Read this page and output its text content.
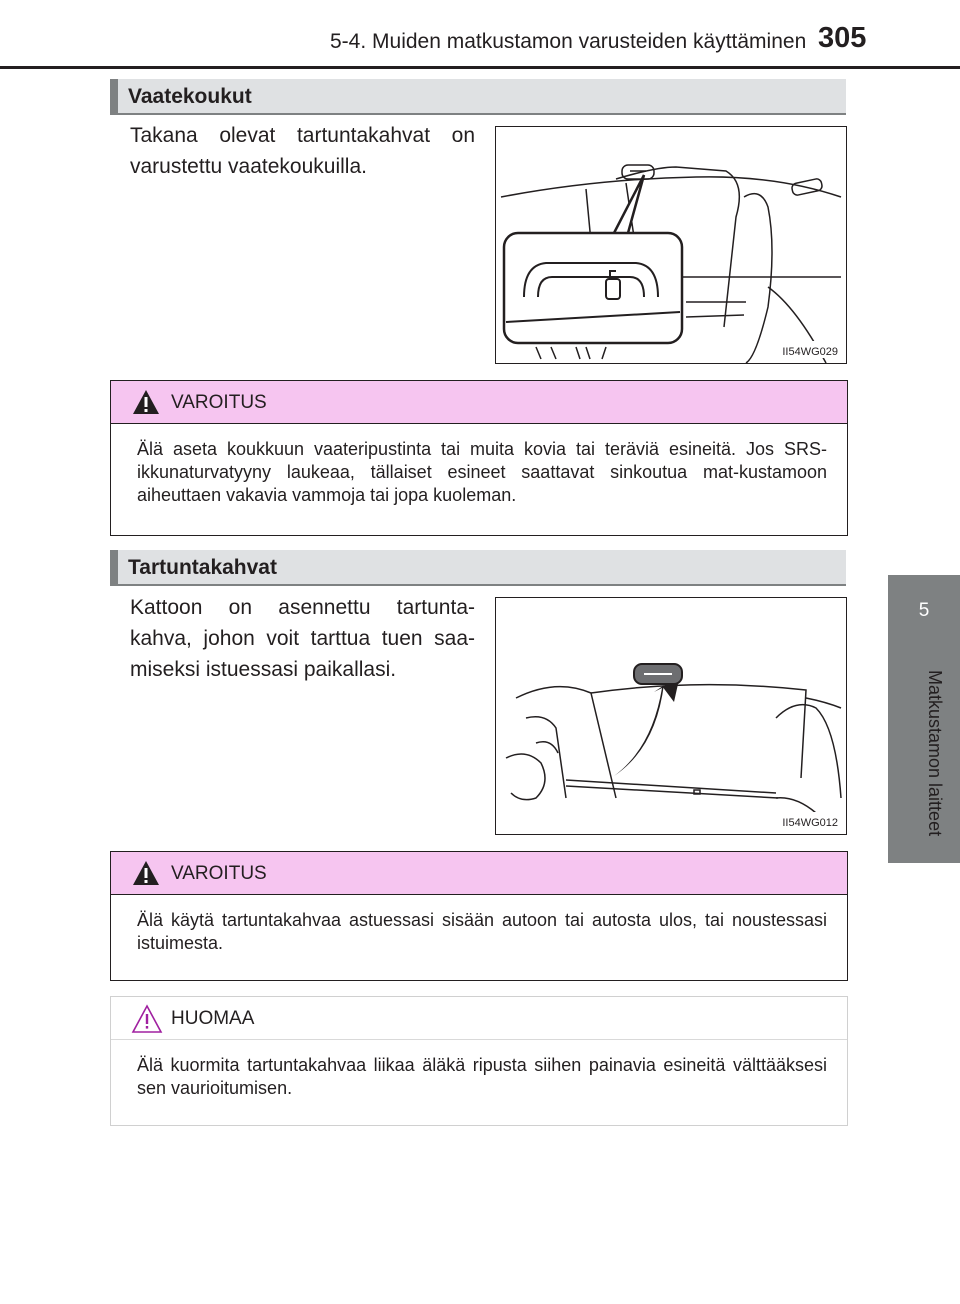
5-4. Muiden matkustamon varusteiden käyttäminen 305
5
Matkustamon laitteet
Vaatekoukut
Takana olevat tartuntakahvat on varustettu vaatekoukuilla.
II54WG029
VAROITUS
Älä aseta koukkuun vaateripustinta tai muita kovia tai teräviä esineitä. Jos SRS-ikkunaturvatyyny laukeaa, tällaiset esineet saattavat sinkoutua mat-kustamoon aiheuttaen vakavia vammoja tai jopa kuoleman.
Tartuntakahvat
Kattoon on asennettu tartunta-kahva, johon voit tarttua tuen saa-miseksi istuessasi paikallasi.
II54WG012
VAROITUS
Älä käytä tartuntakahvaa astuessasi sisään autoon tai autosta ulos, tai noustessasi istuimesta.
HUOMAA
Älä kuormita tartuntakahvaa liikaa äläkä ripusta siihen painavia esineitä välttääksesi sen vaurioitumisen.
